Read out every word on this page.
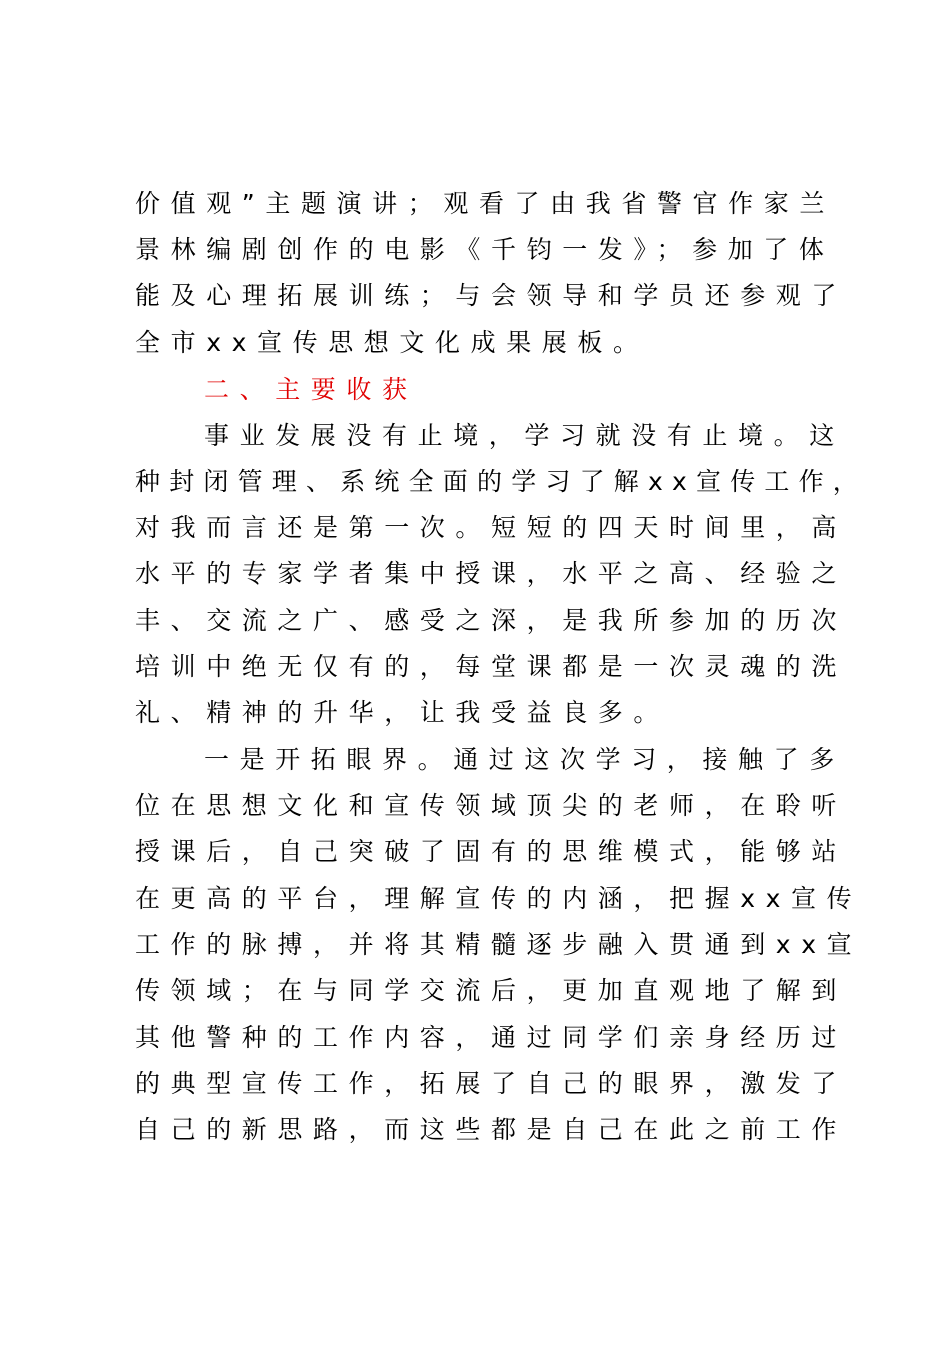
价值观”主题演讲；观看了由我省警官作家兰
景林编剧创作的电影《千钧一发》；参加了体
能及心理拓展训练；与会领导和学员还参观了
全市xx宣传思想文化成果展板。
二、主要收获
事业发展没有止境，学习就没有止境。这
种封闭管理、系统全面的学习了解xx宣传工作，
对我而言还是第一次。短短的四天时间里，高
水平的专家学者集中授课，水平之高、经验之
丰、交流之广、感受之深，是我所参加的历次
培训中绝无仅有的，每堂课都是一次灵魂的洗
礼、精神的升华，让我受益良多。
一是开拓眼界。通过这次学习，接触了多
位在思想文化和宣传领域顶尖的老师，在聆听
授课后，自己突破了固有的思维模式，能够站
在更高的平台，理解宣传的内涵，把握xx宣传
工作的脉搏，并将其精髓逐步融入贯通到xx宣
传领域；在与同学交流后，更加直观地了解到
其他警种的工作内容，通过同学们亲身经历过
的典型宣传工作，拓展了自己的眼界，激发了
自己的新思路，而这些都是自己在此之前工作
